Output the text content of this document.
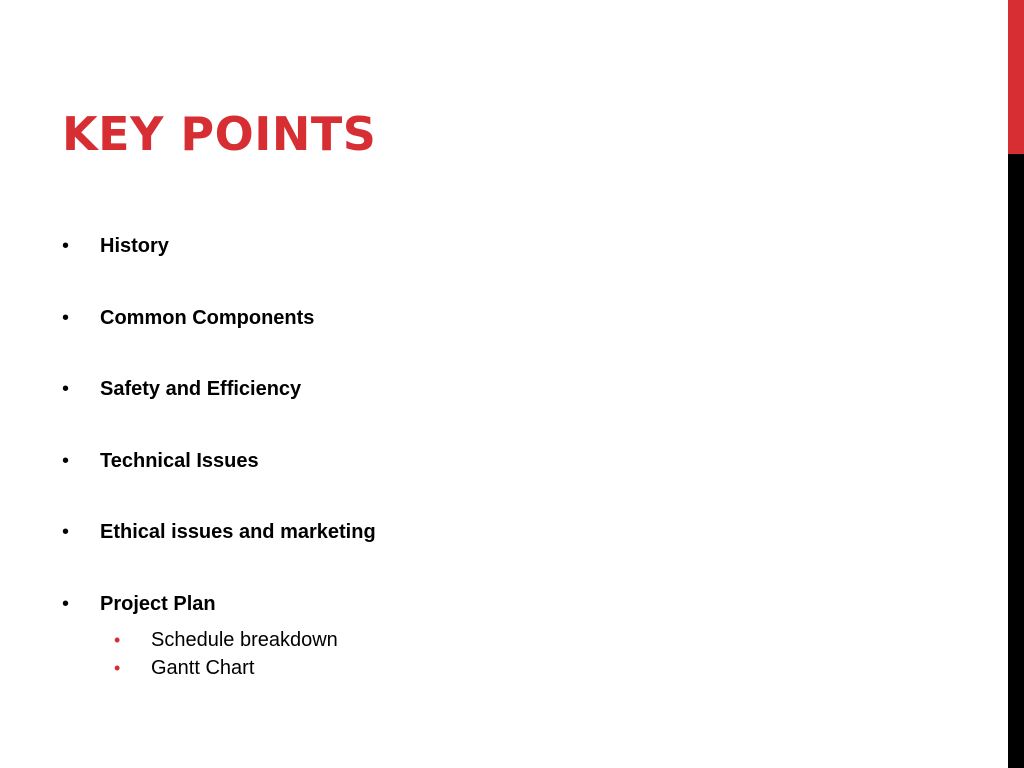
KEY POINTS
• History
• Common Components
• Safety and Efficiency
• Technical Issues
• Ethical issues and marketing
• Project Plan
• Schedule breakdown
• Gantt Chart
